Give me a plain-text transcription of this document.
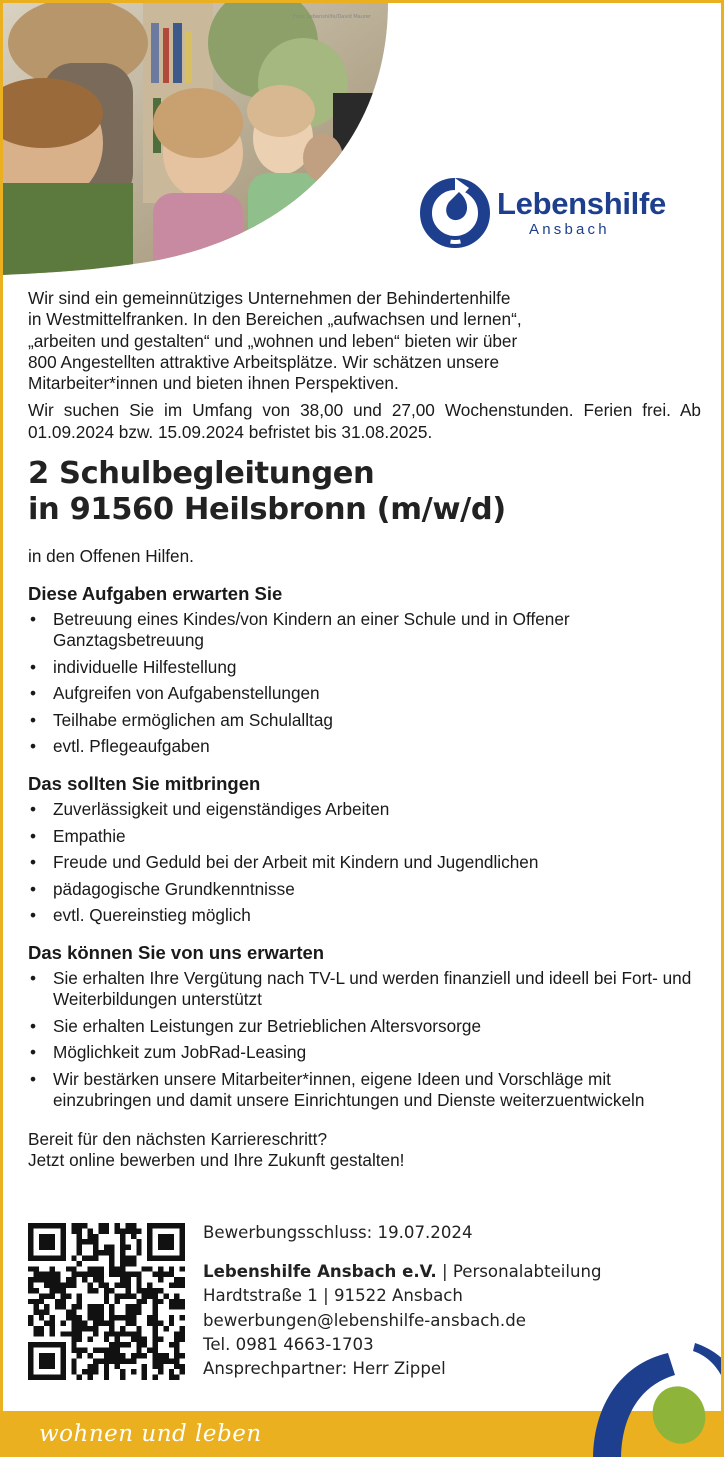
Foto: Lebenshilfe/David Maurer
Lebenshilfe
Ansbach

Wir sind ein gemeinnütziges Unternehmen der Behindertenhilfe
in Westmittelfranken. In den Bereichen „aufwachsen und lernen“,
„arbeiten und gestalten“ und „wohnen und leben“ bieten wir über
800 Angestellten attraktive Arbeitsplätze. Wir schätzen unsere
Mitarbeiter*innen und bieten ihnen Perspektiven.

Wir suchen Sie im Umfang von 38,00 und 27,00 Wochenstunden. Ferien frei. Ab 01.09.2024 bzw. 15.09.2024 befristet bis 31.08.2025.

2 Schulbegleitungen
in 91560 Heilsbronn (m/w/d)

in den Offenen Hilfen.

Diese Aufgaben erwarten Sie
• Betreuung eines Kindes/von Kindern an einer Schule und in Offener Ganztagsbetreuung
• individuelle Hilfestellung
• Aufgreifen von Aufgabenstellungen
• Teilhabe ermöglichen am Schulalltag
• evtl. Pflegeaufgaben
Das sollten Sie mitbringen
• Zuverlässigkeit und eigenständiges Arbeiten
• Empathie
• Freude und Geduld bei der Arbeit mit Kindern und Jugendlichen
• pädagogische Grundkenntnisse
• evtl. Quereinstieg möglich
Das können Sie von uns erwarten
• Sie erhalten Ihre Vergütung nach TV-L und werden finanziell und ideell bei Fort- und Weiterbildungen unterstützt
• Sie erhalten Leistungen zur Betrieblichen Altersvorsorge
• Möglichkeit zum JobRad-Leasing
• Wir bestärken unsere Mitarbeiter*innen, eigene Ideen und Vorschläge mit einzubringen und damit unsere Einrichtungen und Dienste weiterzuentwickeln

Bereit für den nächsten Karriereschritt?
Jetzt online bewerben und Ihre Zukunft gestalten!

Bewerbungsschluss: 19.07.2024
Lebenshilfe Ansbach e.V. | Personalabteilung
Hardtstraße 1 | 91522 Ansbach
bewerbungen@lebenshilfe-ansbach.de
Tel. 0981 4663-1703
Ansprechpartner: Herr Zippel
wohnen und leben
